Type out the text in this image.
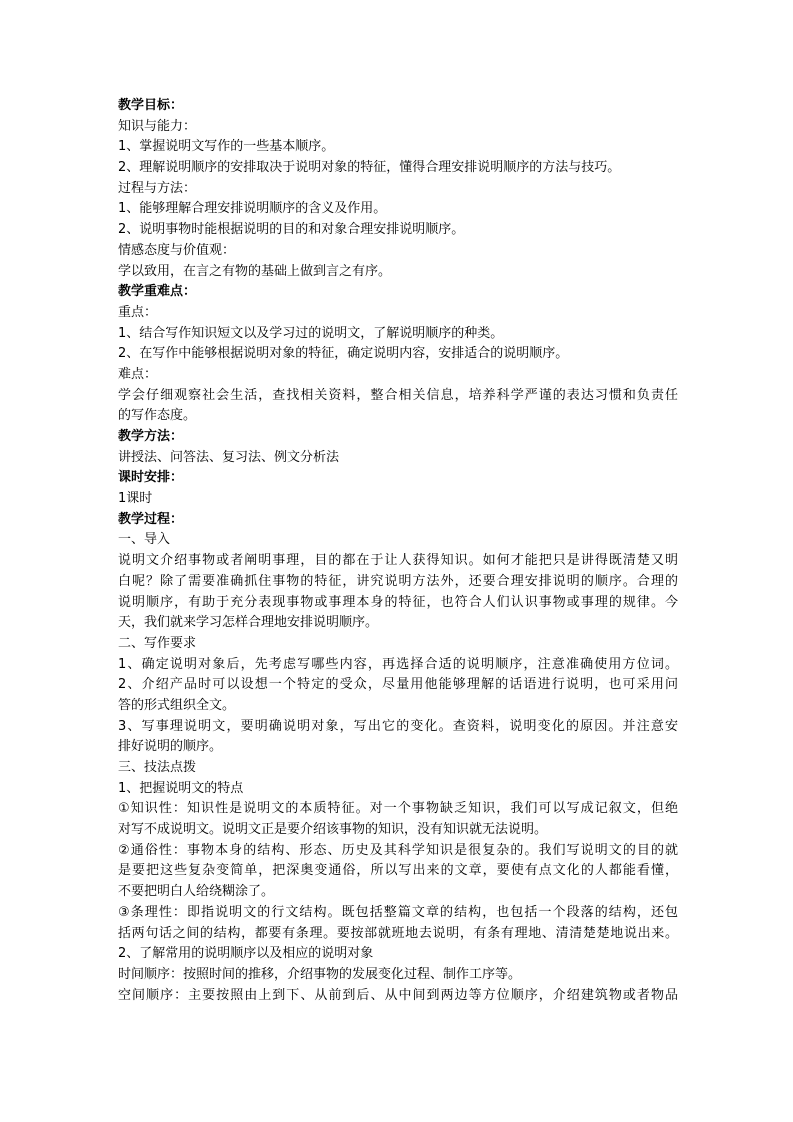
教学目标：
知识与能力：
1、掌握说明文写作的一些基本顺序。
2、理解说明顺序的安排取决于说明对象的特征，懂得合理安排说明顺序的方法与技巧。
过程与方法：
1、能够理解合理安排说明顺序的含义及作用。
2、说明事物时能根据说明的目的和对象合理安排说明顺序。
情感态度与价值观：
学以致用，在言之有物的基础上做到言之有序。
教学重难点：
重点：
1、结合写作知识短文以及学习过的说明文，了解说明顺序的种类。
2、在写作中能够根据说明对象的特征，确定说明内容，安排适合的说明顺序。
难点：
学会仔细观察社会生活，查找相关资料，整合相关信息，培养科学严谨的表达习惯和负责任
的写作态度。
教学方法：
讲授法、问答法、复习法、例文分析法
课时安排：
1课时
教学过程：
一、导入
说明文介绍事物或者阐明事理，目的都在于让人获得知识。如何才能把只是讲得既清楚又明
白呢？除了需要准确抓住事物的特征，讲究说明方法外，还要合理安排说明的顺序。合理的
说明顺序，有助于充分表现事物或事理本身的特征，也符合人们认识事物或事理的规律。今
天，我们就来学习怎样合理地安排说明顺序。
二、写作要求
1、确定说明对象后，先考虑写哪些内容，再选择合适的说明顺序，注意准确使用方位词。
2、介绍产品时可以设想一个特定的受众，尽量用他能够理解的话语进行说明，也可采用问
答的形式组织全文。
3、写事理说明文，要明确说明对象，写出它的变化。查资料，说明变化的原因。并注意安
排好说明的顺序。
三、技法点拨
1、把握说明文的特点
①知识性：知识性是说明文的本质特征。对一个事物缺乏知识，我们可以写成记叙文，但绝
对写不成说明文。说明文正是要介绍该事物的知识，没有知识就无法说明。
②通俗性：事物本身的结构、形态、历史及其科学知识是很复杂的。我们写说明文的目的就
是要把这些复杂变简单，把深奥变通俗，所以写出来的文章，要使有点文化的人都能看懂，
不要把明白人给绕糊涂了。
③条理性：即指说明文的行文结构。既包括整篇文章的结构，也包括一个段落的结构，还包
括两句话之间的结构，都要有条理。要按部就班地去说明，有条有理地、清清楚楚地说出来。
2、了解常用的说明顺序以及相应的说明对象
时间顺序：按照时间的推移，介绍事物的发展变化过程、制作工序等。
空间顺序：主要按照由上到下、从前到后、从中间到两边等方位顺序，介绍建筑物或者物品
